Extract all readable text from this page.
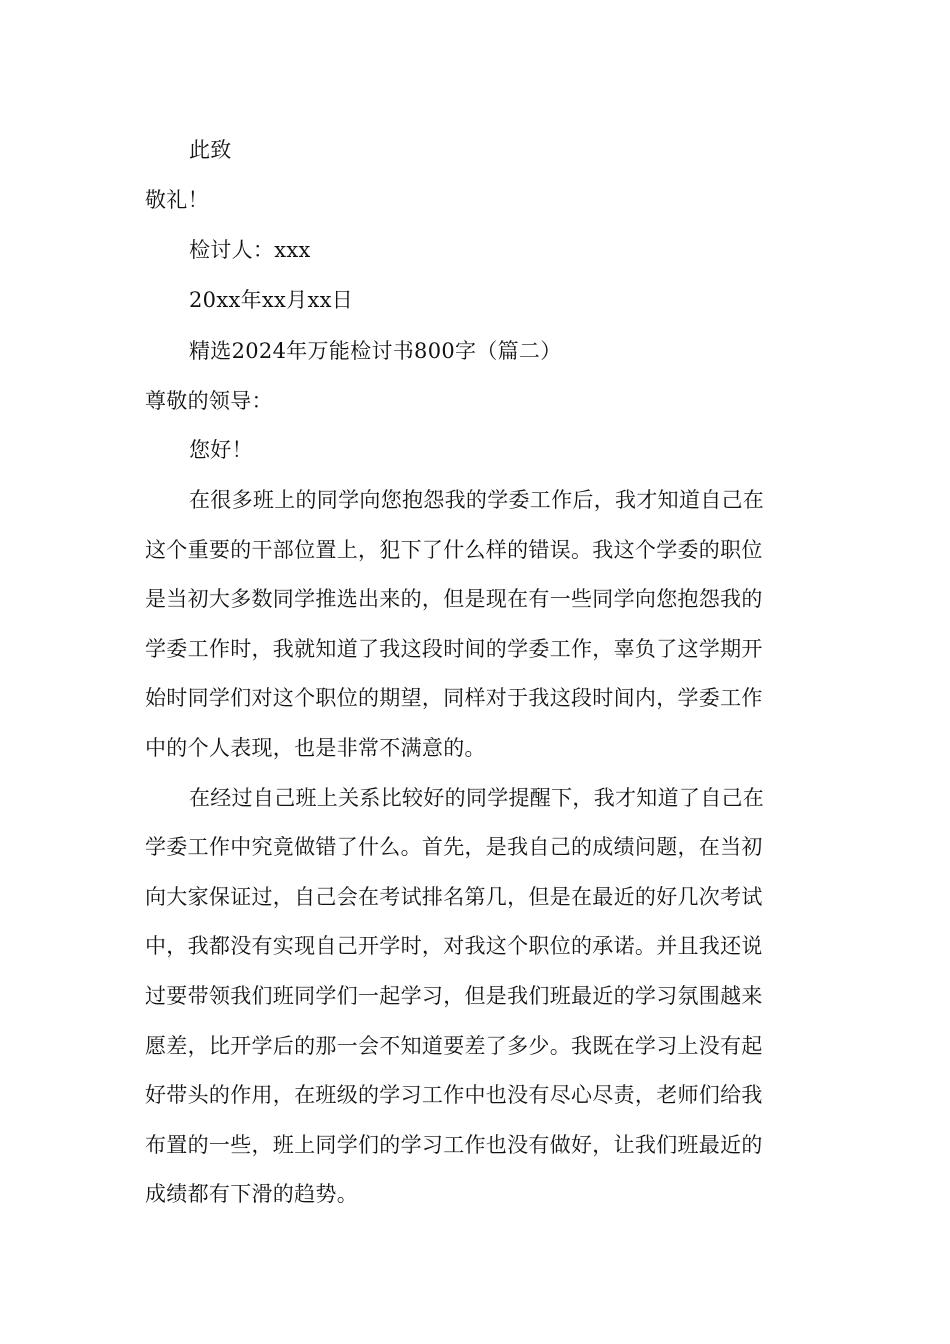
此致
敬礼！
检讨人：xxx
20xx年xx月xx日
精选2024年万能检讨书800字（篇二）
尊敬的领导：
您好！
在很多班上的同学向您抱怨我的学委工作后，我才知道自己在
这个重要的干部位置上，犯下了什么样的错误。我这个学委的职位
是当初大多数同学推选出来的，但是现在有一些同学向您抱怨我的
学委工作时，我就知道了我这段时间的学委工作，辜负了这学期开
始时同学们对这个职位的期望，同样对于我这段时间内，学委工作
中的个人表现，也是非常不满意的。
在经过自己班上关系比较好的同学提醒下，我才知道了自己在
学委工作中究竟做错了什么。首先，是我自己的成绩问题，在当初
向大家保证过，自己会在考试排名第几，但是在最近的好几次考试
中，我都没有实现自己开学时，对我这个职位的承诺。并且我还说
过要带领我们班同学们一起学习，但是我们班最近的学习氛围越来
愿差，比开学后的那一会不知道要差了多少。我既在学习上没有起
好带头的作用，在班级的学习工作中也没有尽心尽责，老师们给我
布置的一些，班上同学们的学习工作也没有做好，让我们班最近的
成绩都有下滑的趋势。
